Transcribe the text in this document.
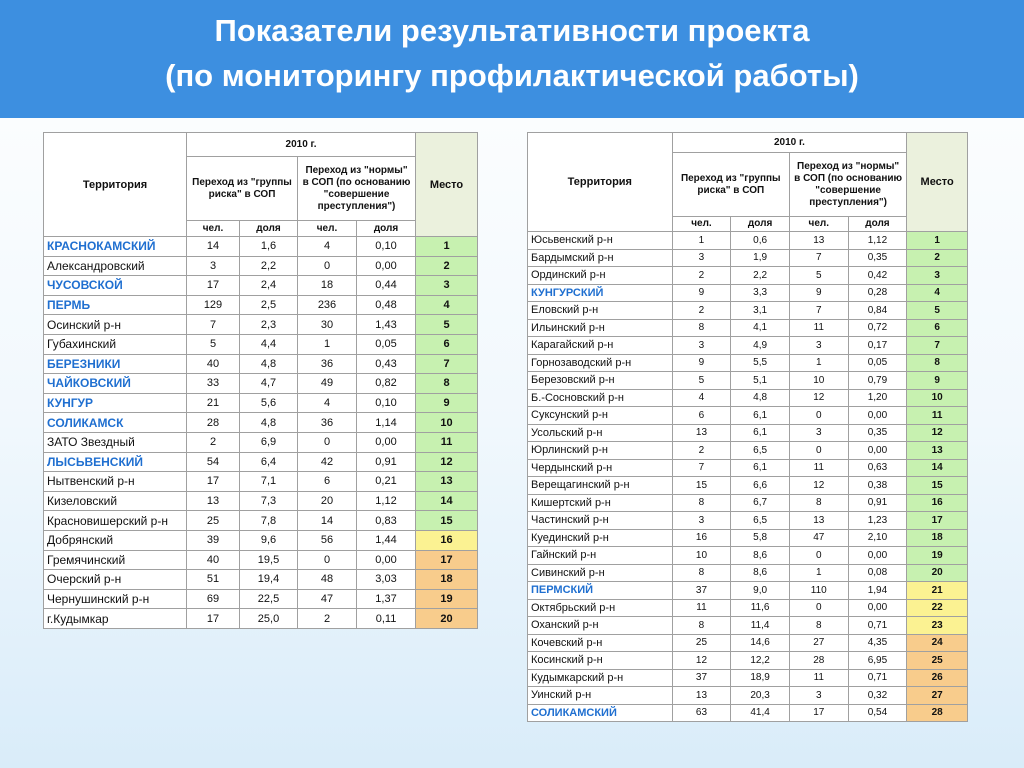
Показатели результативности проекта
(по мониторингу профилактической работы)
Территория	2010 г.				Место
	Переход из "группы риска" в СОП		Переход из "нормы" в СОП (по основанию "совершение преступления")		
	чел.	доля	чел.	доля	
КРАСНОКАМСКИЙ	14	1,6	4	0,10	1
Александровский	3	2,2	0	0,00	2
ЧУСОВСКОЙ	17	2,4	18	0,44	3
ПЕРМЬ	129	2,5	236	0,48	4
Осинский р-н	7	2,3	30	1,43	5
Губахинский	5	4,4	1	0,05	6
БЕРЕЗНИКИ	40	4,8	36	0,43	7
ЧАЙКОВСКИЙ	33	4,7	49	0,82	8
КУНГУР	21	5,6	4	0,10	9
СОЛИКАМСК	28	4,8	36	1,14	10
ЗАТО Звездный	2	6,9	0	0,00	11
ЛЫСЬВЕНСКИЙ	54	6,4	42	0,91	12
Нытвенский р-н	17	7,1	6	0,21	13
Кизеловский	13	7,3	20	1,12	14
Красновишерский р-н	25	7,8	14	0,83	15
Добрянский	39	9,6	56	1,44	16
Гремячинский	40	19,5	0	0,00	17
Очерский р-н	51	19,4	48	3,03	18
Чернушинский р-н	69	22,5	47	1,37	19
г.Кудымкар	17	25,0	2	0,11	20
Территория	2010 г.				Место
	Переход из "группы риска" в СОП		Переход из "нормы" в СОП (по основанию "совершение преступления")		
	чел.	доля	чел.	доля	
Юсьвенский р-н	1	0,6	13	1,12	1
Бардымский р-н	3	1,9	7	0,35	2
Ординский р-н	2	2,2	5	0,42	3
КУНГУРСКИЙ	9	3,3	9	0,28	4
Еловский р-н	2	3,1	7	0,84	5
Ильинский р-н	8	4,1	11	0,72	6
Карагайский р-н	3	4,9	3	0,17	7
Горнозаводский р-н	9	5,5	1	0,05	8
Березовский р-н	5	5,1	10	0,79	9
Б.-Сосновский р-н	4	4,8	12	1,20	10
Суксунский р-н	6	6,1	0	0,00	11
Усольский р-н	13	6,1	3	0,35	12
Юрлинский р-н	2	6,5	0	0,00	13
Чердынский р-н	7	6,1	11	0,63	14
Верещагинский р-н	15	6,6	12	0,38	15
Кишертский р-н	8	6,7	8	0,91	16
Частинский р-н	3	6,5	13	1,23	17
Куединский р-н	16	5,8	47	2,10	18
Гайнский р-н	10	8,6	0	0,00	19
Сивинский р-н	8	8,6	1	0,08	20
ПЕРМСКИЙ	37	9,0	110	1,94	21
Октябрьский р-н	11	11,6	0	0,00	22
Оханский р-н	8	11,4	8	0,71	23
Кочевский р-н	25	14,6	27	4,35	24
Косинский р-н	12	12,2	28	6,95	25
Кудымкарский р-н	37	18,9	11	0,71	26
Уинский р-н	13	20,3	3	0,32	27
СОЛИКАМСКИЙ	63	41,4	17	0,54	28
